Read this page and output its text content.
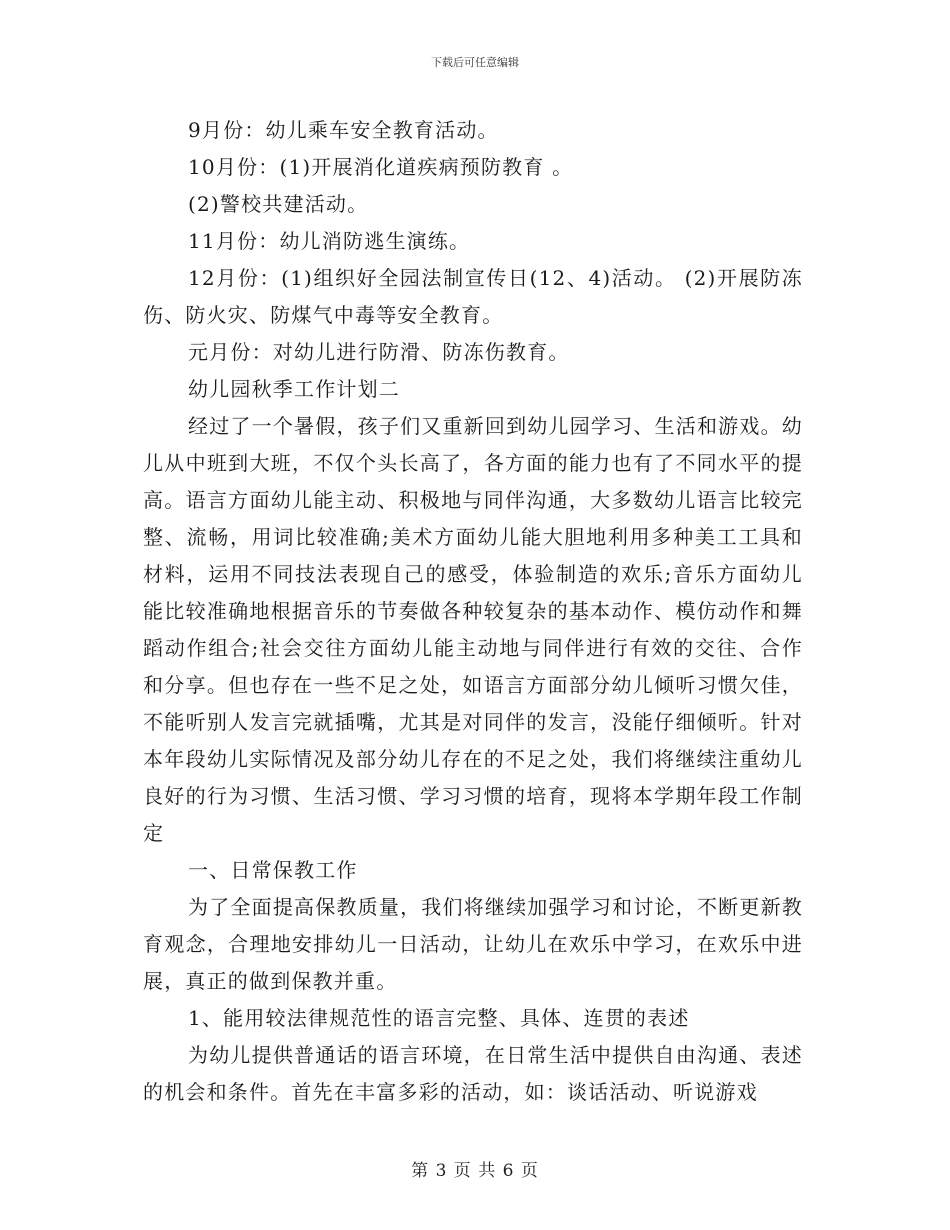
下载后可任意编辑

9月份：幼儿乘车安全教育活动。

10月份：(1)开展消化道疾病预防教育 。

(2)警校共建活动。

11月份：幼儿消防逃生演练。

12月份：(1)组织好全园法制宣传日(12、4)活动。 (2)开展防冻伤、防火灾、防煤气中毒等安全教育。

元月份：对幼儿进行防滑、防冻伤教育。

幼儿园秋季工作计划二

经过了一个暑假，孩子们又重新回到幼儿园学习、生活和游戏。幼儿从中班到大班，不仅个头长高了，各方面的能力也有了不同水平的提高。语言方面幼儿能主动、积极地与同伴沟通，大多数幼儿语言比较完整、流畅，用词比较准确;美术方面幼儿能大胆地利用多种美工工具和材料，运用不同技法表现自己的感受，体验制造的欢乐;音乐方面幼儿能比较准确地根据音乐的节奏做各种较复杂的基本动作、模仿动作和舞蹈动作组合;社会交往方面幼儿能主动地与同伴进行有效的交往、合作和分享。但也存在一些不足之处，如语言方面部分幼儿倾听习惯欠佳，不能听别人发言完就插嘴，尤其是对同伴的发言，没能仔细倾听。针对本年段幼儿实际情况及部分幼儿存在的不足之处，我们将继续注重幼儿良好的行为习惯、生活习惯、学习习惯的培育，现将本学期年段工作制定

一、日常保教工作

为了全面提高保教质量，我们将继续加强学习和讨论，不断更新教育观念，合理地安排幼儿一日活动，让幼儿在欢乐中学习，在欢乐中进展，真正的做到保教并重。

1、能用较法律规范性的语言完整、具体、连贯的表述

为幼儿提供普通话的语言环境，在日常生活中提供自由沟通、表述的机会和条件。首先在丰富多彩的活动，如：谈话活动、听说游戏

第 3 页 共 6 页
